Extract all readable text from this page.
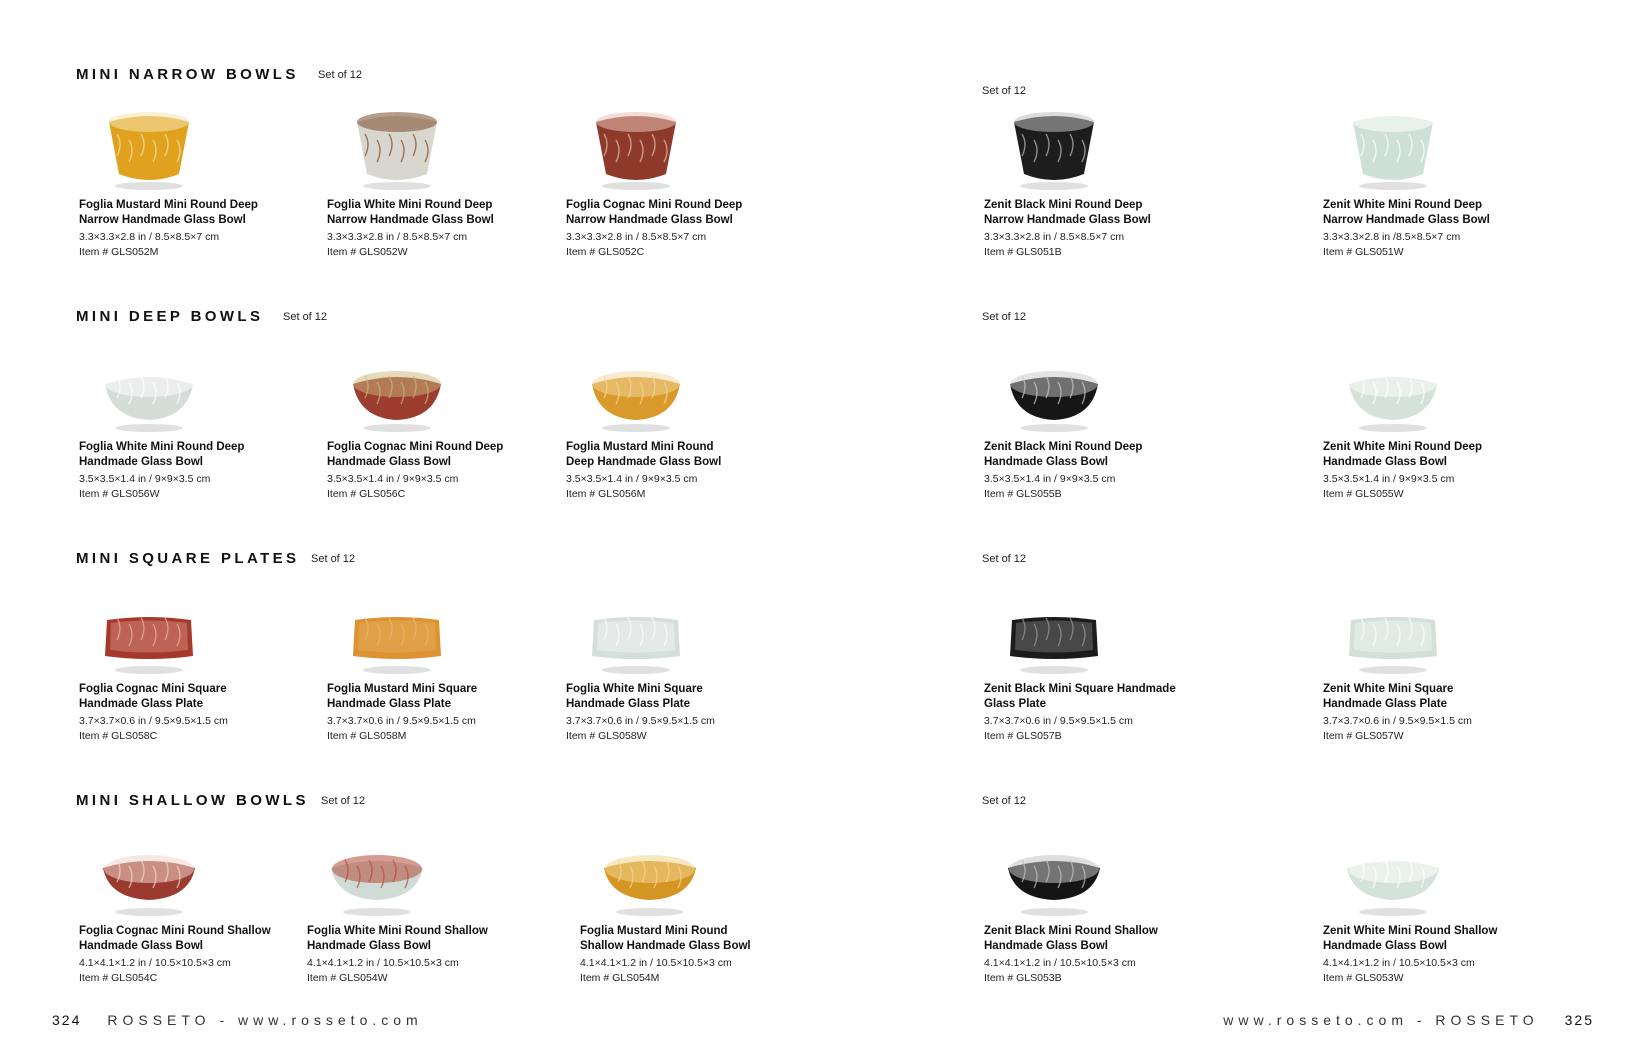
MINI NARROW BOWLS Set of 12
Set of 12
Foglia Mustard Mini Round Deep
Narrow Handmade Glass Bowl
3.3×3.3×2.8 in / 8.5×8.5×7 cm
Item # GLS052M
Foglia White Mini Round Deep
Narrow Handmade Glass Bowl
3.3×3.3×2.8 in / 8.5×8.5×7 cm
Item # GLS052W
Foglia Cognac Mini Round Deep
Narrow Handmade Glass Bowl
3.3×3.3×2.8 in / 8.5×8.5×7 cm
Item # GLS052C
Zenit Black Mini Round Deep
Narrow Handmade Glass Bowl
3.3×3.3×2.8 in / 8.5×8.5×7 cm
Item # GLS051B
Zenit White Mini Round Deep
Narrow Handmade Glass Bowl
3.3×3.3×2.8 in /8.5×8.5×7 cm
Item # GLS051W
MINI DEEP BOWLS Set of 12	Set of 12
Foglia White Mini Round Deep
Handmade Glass Bowl
3.5×3.5×1.4 in / 9×9×3.5 cm
Item # GLS056W
Foglia Cognac Mini Round Deep
Handmade Glass Bowl
3.5×3.5×1.4 in / 9×9×3.5 cm
Item # GLS056C
Foglia Mustard Mini Round
Deep Handmade Glass Bowl
3.5×3.5×1.4 in / 9×9×3.5 cm
Item # GLS056M
Zenit Black Mini Round Deep
Handmade Glass Bowl
3.5×3.5×1.4 in / 9×9×3.5 cm
Item # GLS055B
Zenit White Mini Round Deep
Handmade Glass Bowl
3.5×3.5×1.4 in / 9×9×3.5 cm
Item # GLS055W
MINI SQUARE PLATES Set of 12	Set of 12
Foglia Cognac Mini Square
Handmade Glass Plate
3.7×3.7×0.6 in / 9.5×9.5×1.5 cm
Item # GLS058C
Foglia Mustard Mini Square
Handmade Glass Plate
3.7×3.7×0.6 in / 9.5×9.5×1.5 cm
Item # GLS058M
Foglia White Mini Square
Handmade Glass Plate
3.7×3.7×0.6 in / 9.5×9.5×1.5 cm
Item # GLS058W
Zenit Black Mini Square Handmade
Glass Plate
3.7×3.7×0.6 in / 9.5×9.5×1.5 cm
Item # GLS057B
Zenit White Mini Square
Handmade Glass Plate
3.7×3.7×0.6 in / 9.5×9.5×1.5 cm
Item # GLS057W
MINI SHALLOW BOWLS Set of 12	Set of 12
Foglia Cognac Mini Round Shallow
Handmade Glass Bowl
4.1×4.1×1.2 in / 10.5×10.5×3 cm
Item # GLS054C
Foglia White Mini Round Shallow
Handmade Glass Bowl
4.1×4.1×1.2 in / 10.5×10.5×3 cm
Item # GLS054W
Foglia Mustard Mini Round
Shallow Handmade Glass Bowl
4.1×4.1×1.2 in / 10.5×10.5×3 cm
Item # GLS054M
Zenit Black Mini Round Shallow
Handmade Glass Bowl
4.1×4.1×1.2 in / 10.5×10.5×3 cm
Item # GLS053B
Zenit White Mini Round Shallow
Handmade Glass Bowl
4.1×4.1×1.2 in / 10.5×10.5×3 cm
Item # GLS053W
324 ROSSETO - www.rosseto.com	www.rosseto.com - ROSSETO 325
